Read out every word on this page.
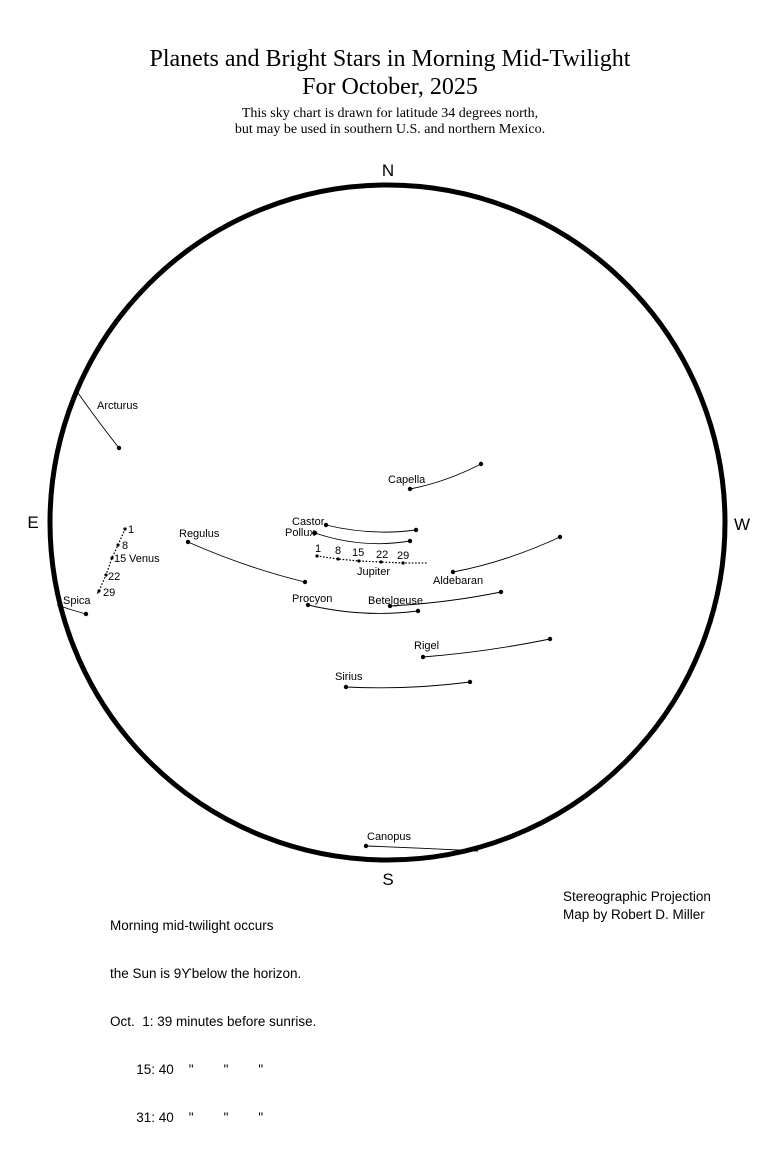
Planets and Bright Stars in Morning Mid-Twilight
For October, 2025
This sky chart is drawn for latitude 34 degrees north,
but may be used in southern U.S. and northern Mexico.
N
S
E	W
Arcturus
Spica
Regulus
Castor
Pollux
Capella
Aldebaran
Procyon	Betelgeuse
Rigel
Sirius
Canopus
1
8
15
22
29
Venus
1 8 15 22 29
Jupiter

Morning mid-twilight occurs

the Sun is 9ϒbelow the horizon.

Oct.  1: 39 minutes before sunrise.

15: 40    "        "        "

31: 40    "        "        "

Stereographic Projection
Map by Robert D. Miller
